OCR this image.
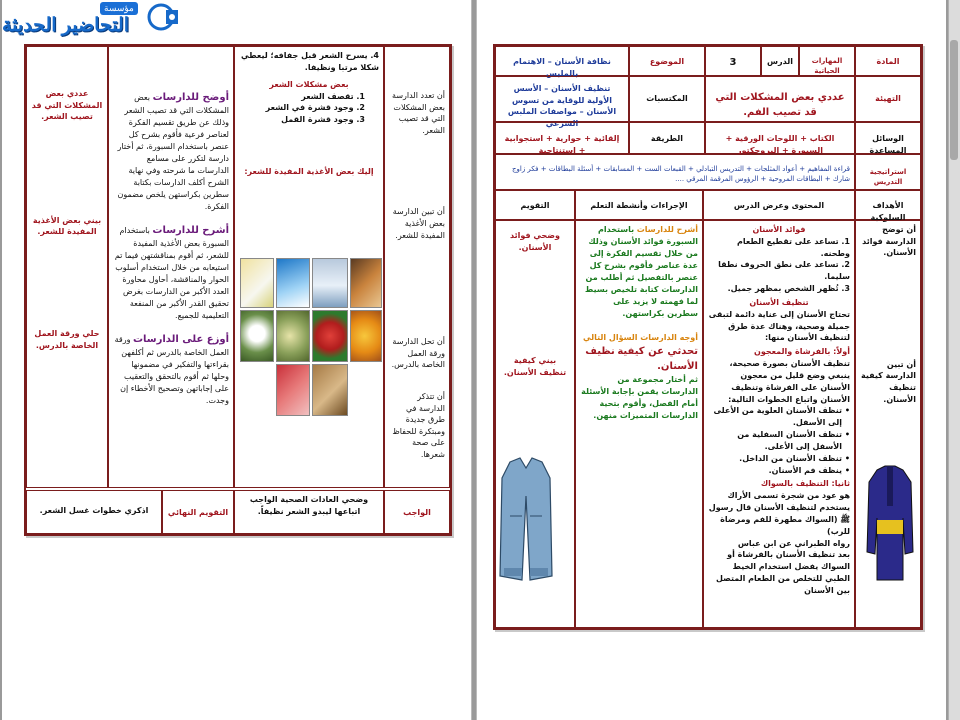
أن تعدد الدارسة بعض المشكلات التي قد تصيب الشعر.
أن تبين الدارسة بعض الأغذية المفيدة للشعر.
أن تحل الدارسة ورقة العمل الخاصة بالدرس.
أن تتذكر الدارسة في طرق جديدة ومبتكرة للحفاظ على صحة شعرها.
4. يسرح الشعر قبل جفافه؛ ليعطي شكلا مرتبا ونظيفا.
بعض مشكلات الشعر
1. تقصف الشعر
2. وجود قشرة في الشعر
3. وجود قشرة القمل
إليك بعض الأغذية المفيدة للشعر:
أوضح للدارسات بعض المشكلات التي قد تصيب الشعر وذلك عن طريق تقسيم الفكرة لعناصر فرعية فأقوم بشرح كل عنصر باستخدام السبورة، ثم أختار دارسة لتكرر على مسامع الدارسات ما شرحته وفي نهاية الشرح أكلف الدارسات بكتابة سطرين بكراستهن يلخص مضمون الفكرة.
أشرح للدارسات باستخدام السبورة بعض الأغذية المفيدة للشعر، ثم أقوم بمناقشتهن فيما تم استيعابه من خلال استخدام أسلوب الحوار والمناقشة، أحاول محاورة العدد الأكبر من الدارسات بغرض تحقيق القدر الأكبر من المنفعة التعليمية للجميع.
أوزع على الدارسات ورقة العمل الخاصة بالدرس ثم أكلفهن بقراءتها والتفكير في مضمونها وحلها ثم أقوم بالتحقق والتعقيب على إجاباتهن وتصحيح الأخطاء إن وجدت.
عددي بعض المشكلات التي قد تصيب الشعر.
بيني بعض الأغذية المفيدة للشعر.
حلي ورقة العمل الخاصة بالدرس.
الواجب
وضحي العادات الصحية الواجب اتباعها ليبدو الشعر نظيفاً.
التقويم النهائي
اذكري خطوات غسل الشعر.
المادة
المهارات الحياتية
الدرس
3
الموضوع
نظافة الأسنان – الاهتمام بالملبس
التهيئة
عددي بعض المشكلات التي قد تصيب الفم.
المكتسبات
تنظيف الأسنان – الأسس الأولية للوقاية من تسوس الأسنان – مواصفات الملبس الشرعي
الوسائل المساعدة
الكتاب + اللوحات الورقية + السبورة + البروجكتور
الطريقة
إلقائية + حوارية + استجوابية + استنتاجية
استراتيجية التدريس
قراءة المفاهيم + أعواد المثلجات + التدريس التبادلي + القبعات الست + المسابقات + أسئلة البطاقات + فكر زاوج شارك + البطاقات المروحية + الرؤوس المرقمة المرقي ....
الأهداف السلوكية
المحتوى وعرض الدرس
الإجراءات وأنشطة التعلم
التقويم
أن توضح الدارسة فوائد الأسنان.
أن تبين الدارسة كيفية تنظيف الأسنان.
فوائد الأسنان
1. تساعد على تقطيع الطعام وطحنه.
2. تساعد على نطق الحروف نطقا سليما.
3. تُظهر الشخص بمظهر جميل.
تنظيف الأسنان
تحتاج الأسنان إلى عناية دائمة لتبقى جميلة وصحية، وهناك عدة طرق لتنظيف الأسنان منها:
أولاً: بالفرشاة والمعجون
تنظيف الأسنان بصورة صحيحة، ينبغي وضع قليل من معجون الأسنان على الفرشاة وتنظيف الأسنان واتباع الخطوات التالية:
• تنظف الأسنان العلوية من الأعلى إلى الأسفل.
• تنظف الأسنان السفلية من الأسفل إلى الأعلى.
• تنظف الأسنان من الداخل.
• ينظف فم الأسنان.
ثانيا: التنظيف بالسواك
هو عود من شجرة تسمى الأراك يستخدم لتنظيف الأسنان قال رسول ﷺ (السواك مطهرة للفم ومرضاة للرب)
رواه الطبراني عن ابن عباس
بعد تنظيف الأسنان بالفرشاة أو السواك يفضل استخدام الخيط الطبي للتخلص من الطعام المتصل بين الأسنان
أشرح للدارسات باستخدام السبورة فوائد الأسنان وذلك من خلال تقسيم الفكرة إلى عدة عناصر فأقوم بشرح كل عنصر بالتفصيل ثم أطلب من الدارسات كتابة تلخيص بسيط لما فهمته لا يزيد على سطرين بكراستهن.
أوجه الدارسات السؤال التالي
تحدثي عن كيفية نظيف الأسنان.
ثم أختار مجموعة من الدارسات يقمن بإجابة الأسئلة أمام الفصل، وأقوم بتحية الدارسات المتميزات منهن.
وضحي فوائد الأسنان.
بيني كيفية تنظيف الأسنان.
مؤسسة
التحاضير الحديثة
